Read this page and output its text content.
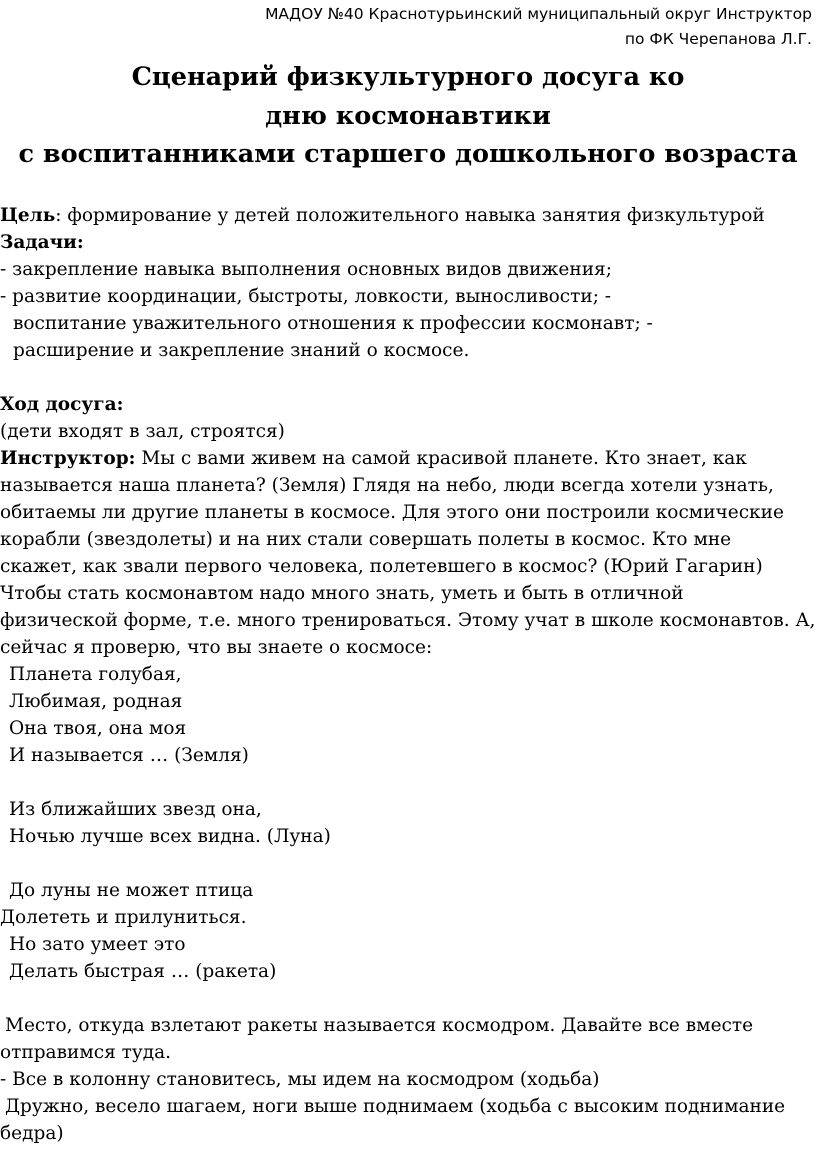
МАДОУ №40 Краснотурьинский муниципальный округ Инструктор
по ФК Черепанова Л.Г.
Сценарий физкультурного досуга ко
дню космонавтики
с воспитанниками старшего дошкольного возраста
Цель: формирование у детей положительного навыка занятия физкультурой
Задачи:
- закрепление навыка выполнения основных видов движения;
- развитие координации, быстроты, ловкости, выносливости; -
воспитание уважительного отношения к профессии космонавт; -
расширение и закрепление знаний о космосе.
Ход досуга:
(дети входят в зал, строятся)
Инструктор: Мы с вами живем на самой красивой планете. Кто знает, как
называется наша планета? (Земля) Глядя на небо, люди всегда хотели узнать,
обитаемы ли другие планеты в космосе. Для этого они построили космические
корабли (звездолеты) и на них стали совершать полеты в космос. Кто мне
скажет, как звали первого человека, полетевшего в космос? (Юрий Гагарин)
Чтобы стать космонавтом надо много знать, уметь и быть в отличной
физической форме, т.е. много тренироваться. Этому учат в школе космонавтов. А,
сейчас я проверю, что вы знаете о космосе:
Планета голубая,
Любимая, родная
Она твоя, она моя
И называется … (Земля)
Из ближайших звезд она,
Ночью лучше всех видна. (Луна)
До луны не может птица
Долететь и прилуниться.
Но зато умеет это
Делать быстрая … (ракета)
Место, откуда взлетают ракеты называется космодром. Давайте все вместе
отправимся туда.
- Все в колонну становитесь, мы идем на космодром (ходьба)
Дружно, весело шагаем, ноги выше поднимаем (ходьба с высоким поднимание
бедра)
